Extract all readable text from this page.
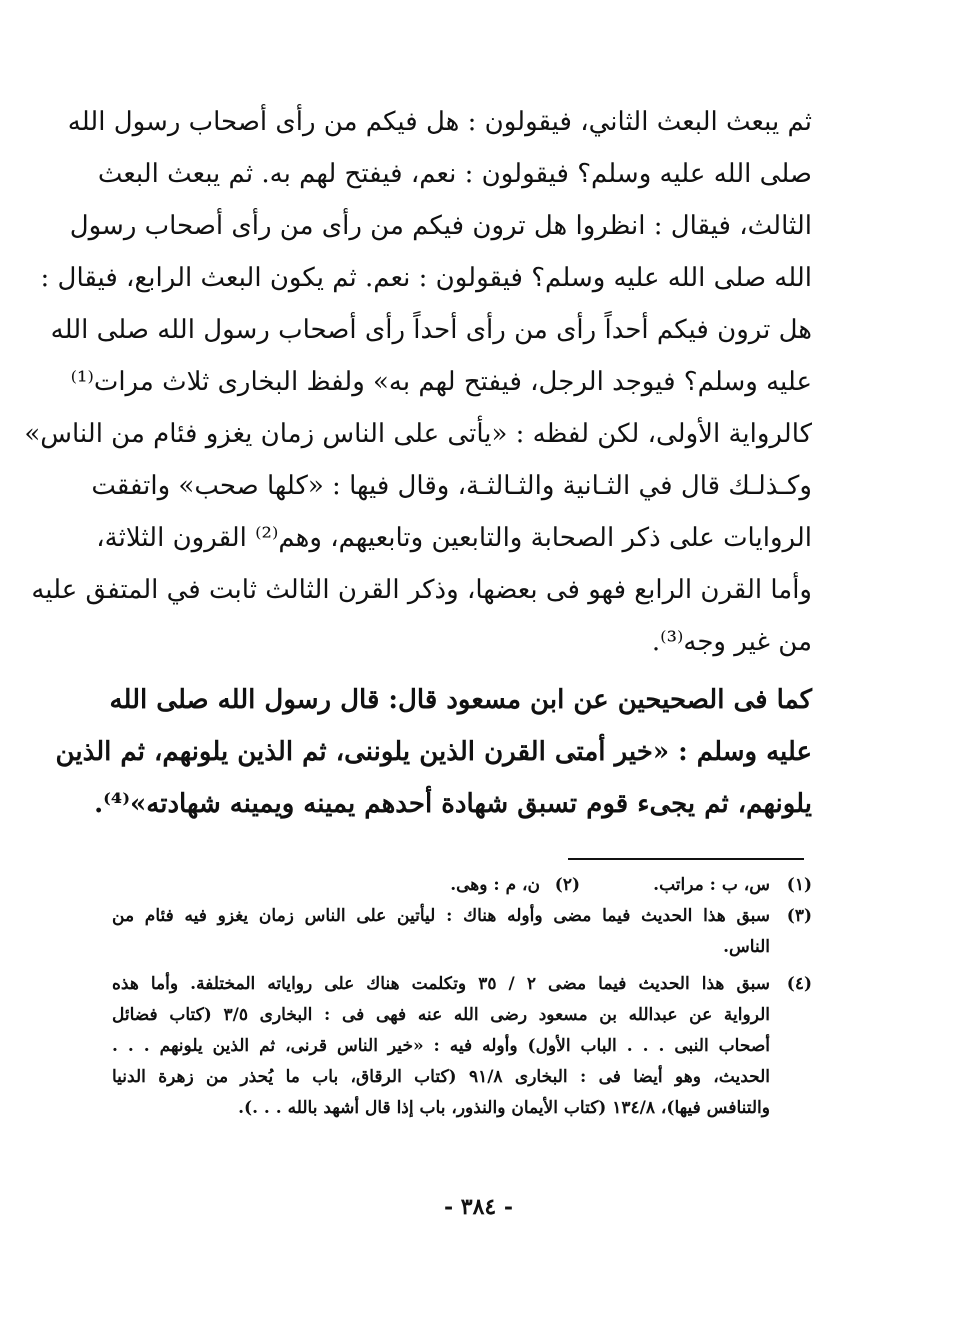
ثم يبعث البعث الثاني، فيقولون : هل فيكم من رأى أصحاب رسول الله
صلى الله عليه وسلم؟ فيقولون : نعم، فيفتح لهم به. ثم يبعث البعث
الثالث، فيقال : انظروا هل ترون فيكم من رأى من رأى أصحاب رسول
الله صلى الله عليه وسلم؟ فيقولون : نعم. ثم يكون البعث الرابع، فيقال :
هل ترون فيكم أحداً رأى من رأى أحداً رأى أصحاب رسول الله صلى الله
عليه وسلم؟ فيوجد الرجل، فيفتح لهم به» ولفظ البخارى ثلاث مرات⁽¹⁾
كالرواية الأولى، لكن لفظه : «يأتى على الناس زمان يغزو فئام من الناس»
وكـذلـك قال في الثـانية والثـالثـة، وقال فيها : «كلها صحب» واتفقت
الروايات على ذكر الصحابة والتابعين وتابعيهم، وهم⁽²⁾ القرون الثلاثة،
وأما القرن الرابع فهو فى بعضها، وذكر القرن الثالث ثابت في المتفق عليه
من غير وجه⁽³⁾.

كما فى الصحيحين عن ابن مسعود قال: قال رسول الله صلى الله
عليه وسلم : «خير أمتى القرن الذين يلوننى، ثم الذين يلونهم، ثم الذين
يلونهم، ثم يجىء قوم تسبق شهادة أحدهم يمينه ويمينه شهادته»⁽⁴⁾.

(١)
س، ب : مراتب.
(٢)
ن، م : وهى.
(٣)
سبق هذا الحديث فيما مضى وأوله هناك : ليأتين على الناس زمان يغزو فيه فئام من
الناس.
(٤)
سبق هذا الحديث فيما مضى ٢ / ٣٥ وتكلمت هناك على رواياته المختلفة. وأما هذه
الرواية عن عبدالله بن مسعود رضى الله عنه فهى فى : البخارى ٣/٥ (كتاب فضائل
أصحاب النبى . . . الباب الأول) وأوله فيه : «خير الناس قرنى، ثم الذين يلونهم . . .
الحديث، وهو أيضا فى : البخارى ٩١/٨ (كتاب الرقاق، باب ما يُحذر من زهرة الدنيا
والتنافس فيها)، ١٣٤/٨ (كتاب الأيمان والنذور، باب إذا قال أشهد بالله . . .).
- ٣٨٤ -
